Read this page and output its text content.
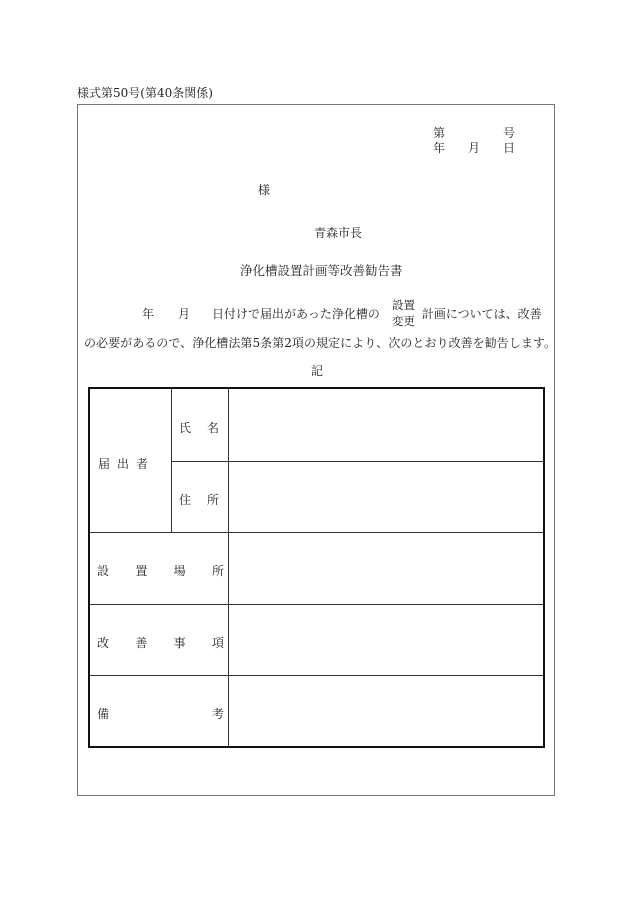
様式第50号(第40条関係)
第	号
年 月 日
様
青森市長
浄化槽設置計画等改善勧告書
年 月 日付けで届出があった浄化槽の	計画については、改善
設置
変更
の必要があるので、浄化槽法第5条第2項の規定により、次のとおり改善を勧告します。
記
届 出 者
氏 名
住 所
設 置 場 所
改 善 事 項
備	考
